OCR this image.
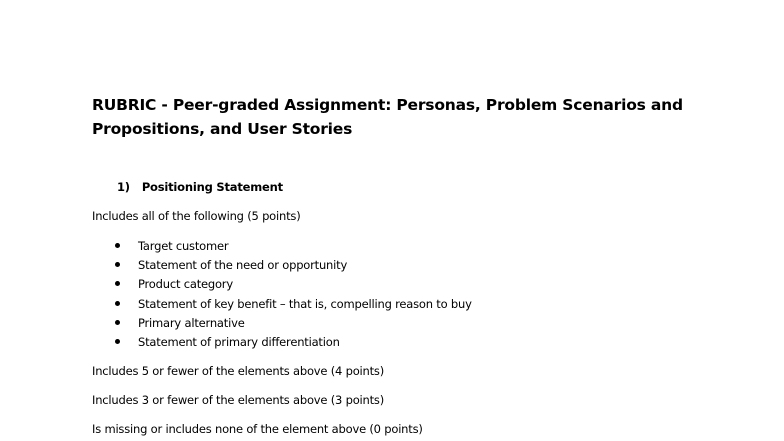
RUBRIC - Peer-graded Assignment: Personas, Problem Scenarios and
Propositions, and User Stories
1) Positioning Statement

Includes all of the following (5 points)

Target customer
Statement of the need or opportunity
Product category
Statement of key benefit – that is, compelling reason to buy
Primary alternative
Statement of primary differentiation

Includes 5 or fewer of the elements above (4 points)

Includes 3 or fewer of the elements above (3 points)

Is missing or includes none of the element above (0 points)
